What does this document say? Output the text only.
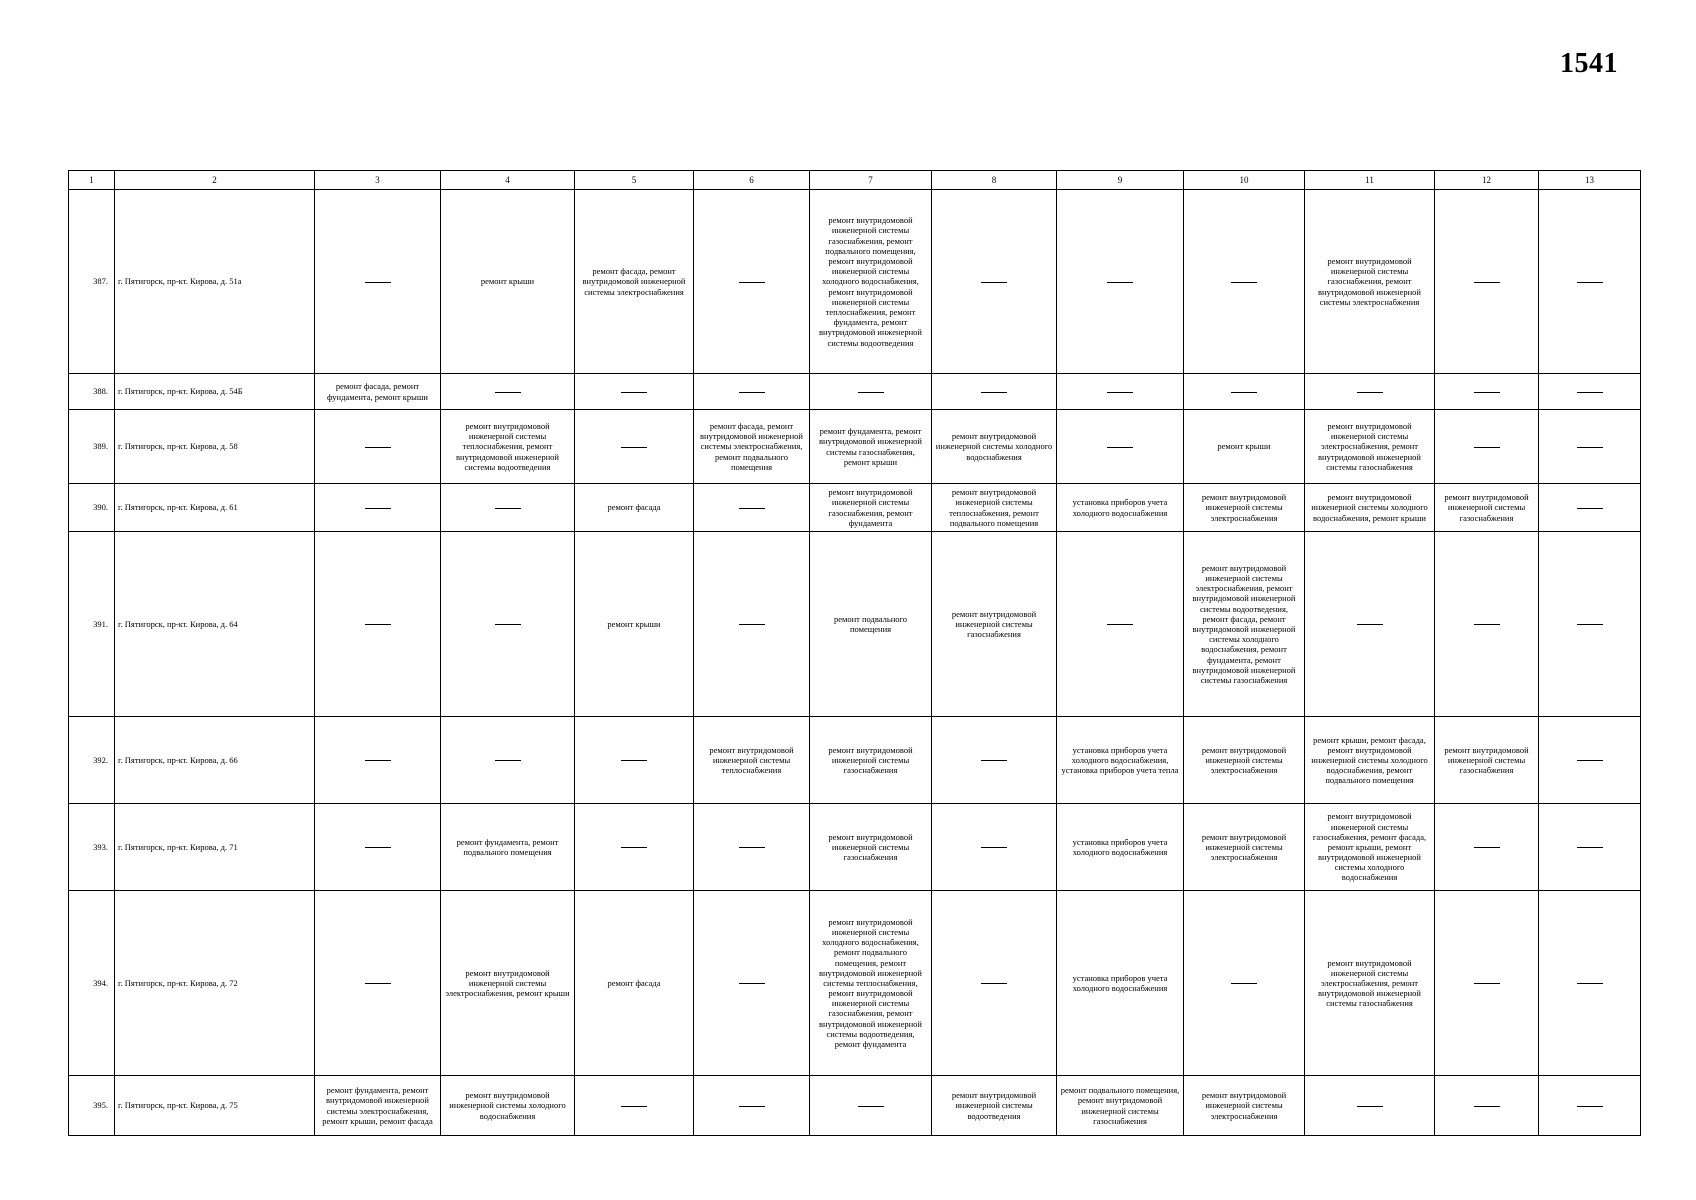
1541
1	2	3	4	5	6	7	8	9	10	11	12	13
387.	г. Пятигорск, пр-кт. Кирова, д. 51а		ремонт крыши	ремонт фасада, ремонт внутридомовой инженерной системы электроснабжения		ремонт внутридомовой инженерной системы газоснабжения, ремонт подвального помещения, ремонт внутридомовой инженерной системы холодного водоснабжения, ремонт внутридомовой инженерной системы теплоснабжения, ремонт фундамента, ремонт внутридомовой инженерной системы водоотведения				ремонт внутридомовой инженерной системы газоснабжения, ремонт внутридомовой инженерной системы электроснабжения		
388.	г. Пятигорск, пр-кт. Кирова, д. 54Б	ремонт фасада, ремонт фундамента, ремонт крыши										
389.	г. Пятигорск, пр-кт. Кирова, д. 58		ремонт внутридомовой инженерной системы теплоснабжения, ремонт внутридомовой инженерной системы водоотведения		ремонт фасада, ремонт внутридомовой инженерной системы электроснабжения, ремонт подвального помещения	ремонт фундамента, ремонт внутридомовой инженерной системы газоснабжения, ремонт крыши	ремонт внутридомовой инженерной системы холодного водоснабжения		ремонт крыши	ремонт внутридомовой инженерной системы электроснабжения, ремонт внутридомовой инженерной системы газоснабжения		
390.	г. Пятигорск, пр-кт. Кирова, д. 61			ремонт фасада		ремонт внутридомовой инженерной системы газоснабжения, ремонт фундамента	ремонт внутридомовой инженерной системы теплоснабжения, ремонт подвального помещения	установка приборов учета холодного водоснабжения	ремонт внутридомовой инженерной системы электроснабжения	ремонт внутридомовой инженерной системы холодного водоснабжения, ремонт крыши	ремонт внутридомовой инженерной системы газоснабжения	
391.	г. Пятигорск, пр-кт. Кирова, д. 64			ремонт крыши		ремонт подвального помещения	ремонт внутридомовой инженерной системы газоснабжения		ремонт внутридомовой инженерной системы электроснабжения, ремонт внутридомовой инженерной системы водоотведения, ремонт фасада, ремонт внутридомовой инженерной системы холодного водоснабжения, ремонт фундамента, ремонт внутридомовой инженерной системы газоснабжения			
392.	г. Пятигорск, пр-кт. Кирова, д. 66				ремонт внутридомовой инженерной системы теплоснабжения	ремонт внутридомовой инженерной системы газоснабжения		установка приборов учета холодного водоснабжения, установка приборов учета тепла	ремонт внутридомовой инженерной системы электроснабжения	ремонт крыши, ремонт фасада, ремонт внутридомовой инженерной системы холодного водоснабжения, ремонт подвального помещения	ремонт внутридомовой инженерной системы газоснабжения	
393.	г. Пятигорск, пр-кт. Кирова, д. 71		ремонт фундамента, ремонт подвального помещения			ремонт внутридомовой инженерной системы газоснабжения		установка приборов учета холодного водоснабжения	ремонт внутридомовой инженерной системы электроснабжения	ремонт внутридомовой инженерной системы газоснабжения, ремонт фасада, ремонт крыши, ремонт внутридомовой инженерной системы холодного водоснабжения		
394.	г. Пятигорск, пр-кт. Кирова, д. 72		ремонт внутридомовой инженерной системы электроснабжения, ремонт крыши	ремонт фасада		ремонт внутридомовой инженерной системы холодного водоснабжения, ремонт подвального помещения, ремонт внутридомовой инженерной системы теплоснабжения, ремонт внутридомовой инженерной системы газоснабжения, ремонт внутридомовой инженерной системы водоотведения, ремонт фундамента		установка приборов учета холодного водоснабжения		ремонт внутридомовой инженерной системы электроснабжения, ремонт внутридомовой инженерной системы газоснабжения		
395.	г. Пятигорск, пр-кт. Кирова, д. 75	ремонт фундамента, ремонт внутридомовой инженерной системы электроснабжения, ремонт крыши, ремонт фасада	ремонт внутридомовой инженерной системы холодного водоснабжения				ремонт внутридомовой инженерной системы водоотведения	ремонт подвального помещения, ремонт внутридомовой инженерной системы газоснабжения	ремонт внутридомовой инженерной системы электроснабжения			
